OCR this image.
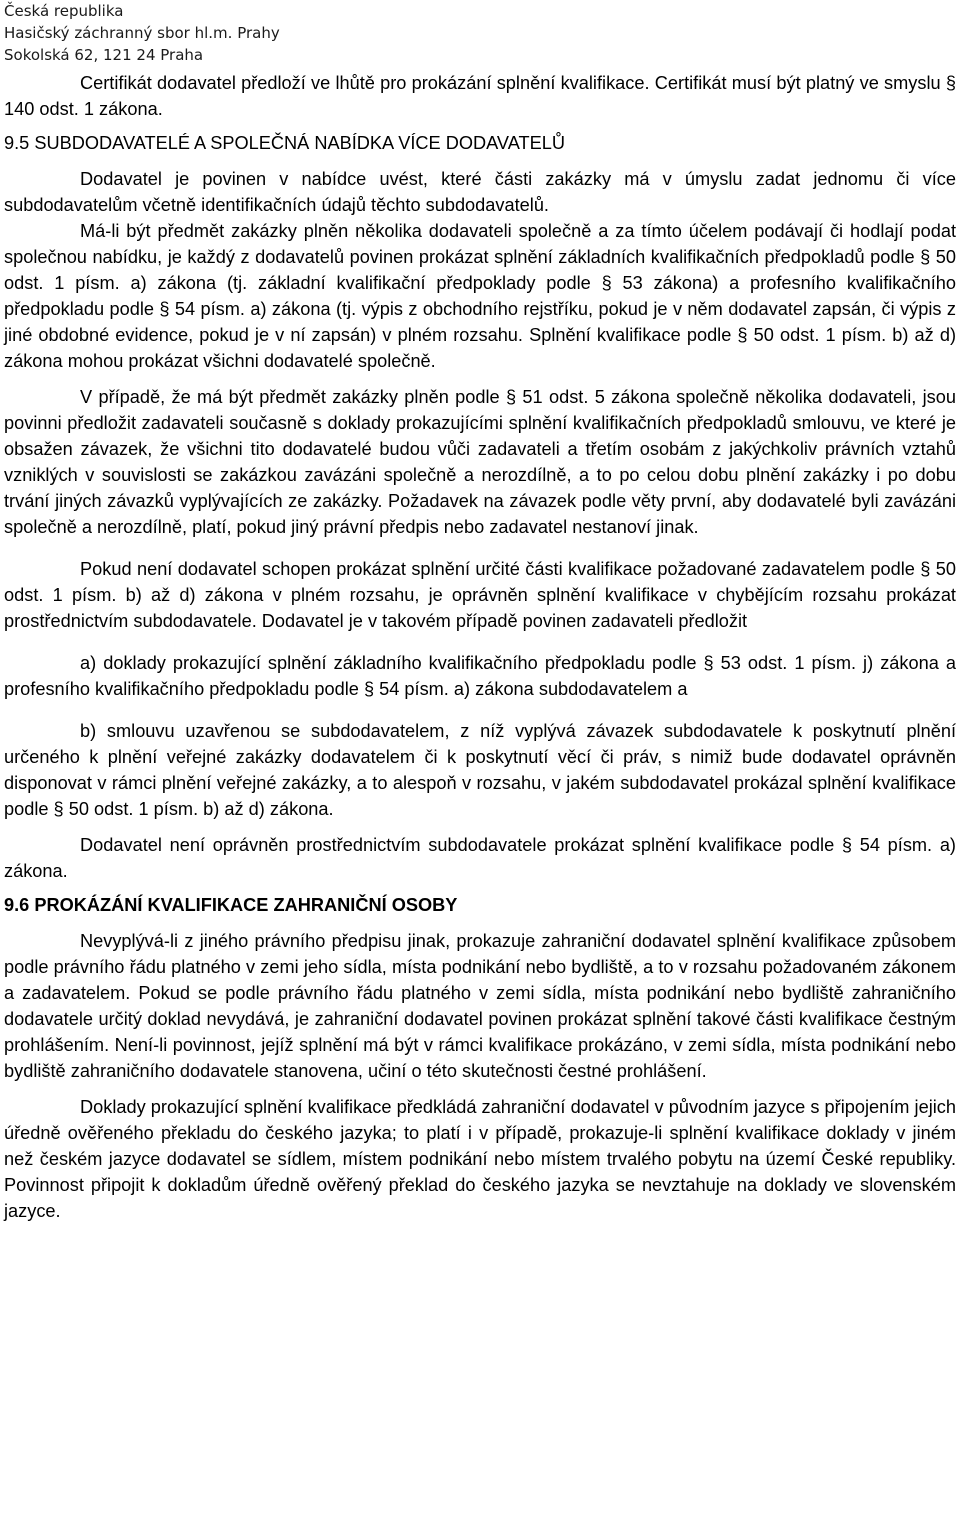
Česká republika
Hasičský záchranný sbor hl.m. Prahy
Sokolská 62, 121 24 Praha

Certifikát dodavatel předloží ve lhůtě pro prokázání splnění kvalifikace. Certifikát musí být platný ve smyslu § 140 odst. 1 zákona.

9.5 SUBDODAVATELÉ A SPOLEČNÁ NABÍDKA VÍCE DODAVATELŮ

Dodavatel je povinen v nabídce uvést, které části zakázky má v úmyslu zadat jednomu či více subdodavatelům včetně identifikačních údajů těchto subdodavatelů.

Má-li být předmět zakázky plněn několika dodavateli společně a za tímto účelem podávají či hodlají podat společnou nabídku, je každý z dodavatelů povinen prokázat splnění základních kvalifikačních předpokladů podle § 50 odst. 1 písm. a) zákona (tj. základní kvalifikační předpoklady podle § 53 zákona) a profesního kvalifikačního předpokladu podle § 54 písm. a) zákona (tj. výpis z obchodního rejstříku, pokud je v něm dodavatel zapsán, či výpis z jiné obdobné evidence, pokud je v ní zapsán) v plném rozsahu. Splnění kvalifikace podle § 50 odst. 1 písm. b) až d) zákona mohou prokázat všichni dodavatelé společně.

V případě, že má být předmět zakázky plněn podle § 51 odst. 5 zákona společně několika dodavateli, jsou povinni předložit zadavateli současně s doklady prokazujícími splnění kvalifikačních předpokladů smlouvu, ve které je obsažen závazek, že všichni tito dodavatelé budou vůči zadavateli a třetím osobám z jakýchkoliv právních vztahů vzniklých v souvislosti se zakázkou zavázáni společně a nerozdílně, a to po celou dobu plnění zakázky i po dobu trvání jiných závazků vyplývajících ze zakázky. Požadavek na závazek podle věty první, aby dodavatelé byli zavázáni společně a nerozdílně, platí, pokud jiný právní předpis nebo zadavatel nestanoví jinak.

Pokud není dodavatel schopen prokázat splnění určité části kvalifikace požadované zadavatelem podle § 50 odst. 1 písm. b) až d) zákona v plném rozsahu, je oprávněn splnění kvalifikace v chybějícím rozsahu prokázat prostřednictvím subdodavatele. Dodavatel je v takovém případě povinen zadavateli předložit

a) doklady prokazující splnění základního kvalifikačního předpokladu podle § 53 odst. 1 písm. j) zákona a profesního kvalifikačního předpokladu podle § 54 písm. a) zákona subdodavatelem a

b) smlouvu uzavřenou se subdodavatelem, z níž vyplývá závazek subdodavatele k poskytnutí plnění určeného k plnění veřejné zakázky dodavatelem či k poskytnutí věcí či práv, s nimiž bude dodavatel oprávněn disponovat v rámci plnění veřejné zakázky, a to alespoň v rozsahu, v jakém subdodavatel prokázal splnění kvalifikace podle § 50 odst. 1 písm. b) až d) zákona.

Dodavatel není oprávněn prostřednictvím subdodavatele prokázat splnění kvalifikace podle § 54 písm. a) zákona.

9.6 PROKÁZÁNÍ KVALIFIKACE ZAHRANIČNÍ OSOBY

Nevyplývá-li z jiného právního předpisu jinak, prokazuje zahraniční dodavatel splnění kvalifikace způsobem podle právního řádu platného v zemi jeho sídla, místa podnikání nebo bydliště, a to v rozsahu požadovaném zákonem a zadavatelem. Pokud se podle právního řádu platného v zemi sídla, místa podnikání nebo bydliště zahraničního dodavatele určitý doklad nevydává, je zahraniční dodavatel povinen prokázat splnění takové části kvalifikace čestným prohlášením. Není-li povinnost, jejíž splnění má být v rámci kvalifikace prokázáno, v zemi sídla, místa podnikání nebo bydliště zahraničního dodavatele stanovena, učiní o této skutečnosti čestné prohlášení.

Doklady prokazující splnění kvalifikace předkládá zahraniční dodavatel v původním jazyce s připojením jejich úředně ověřeného překladu do českého jazyka; to platí i v případě, prokazuje-li splnění kvalifikace doklady v jiném než českém jazyce dodavatel se sídlem, místem podnikání nebo místem trvalého pobytu na území České republiky. Povinnost připojit k dokladům úředně ověřený překlad do českého jazyka se nevztahuje na doklady ve slovenském jazyce.
